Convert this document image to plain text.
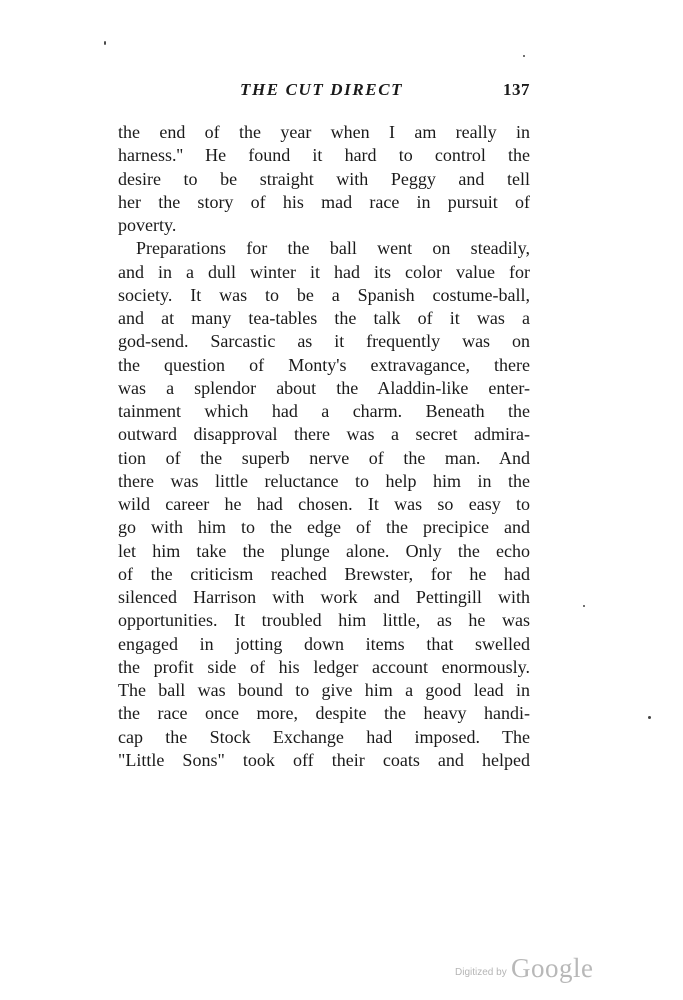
THE CUT DIRECT	137
the end of the year when I am really in
harness.'' He found it hard to control the
desire to be straight with Peggy and tell
her the story of his mad race in pursuit of
poverty.
Preparations for the ball went on steadily,
and in a dull winter it had its color value for
society. It was to be a Spanish costume-ball,
and at many tea-tables the talk of it was a
god-send. Sarcastic as it frequently was on
the question of Monty's extravagance, there
was a splendor about the Aladdin-like enter-
tainment which had a charm. Beneath the
outward disapproval there was a secret admira-
tion of the superb nerve of the man. And
there was little reluctance to help him in the
wild career he had chosen. It was so easy to
go with him to the edge of the precipice and
let him take the plunge alone. Only the echo
of the criticism reached Brewster, for he had
silenced Harrison with work and Pettingill with
opportunities. It troubled him little, as he was
engaged in jotting down items that swelled
the profit side of his ledger account enormously.
The ball was bound to give him a good lead in
the race once more, despite the heavy handi-
cap the Stock Exchange had imposed. The
"Little Sons" took off their coats and helped
Digitized by Google
